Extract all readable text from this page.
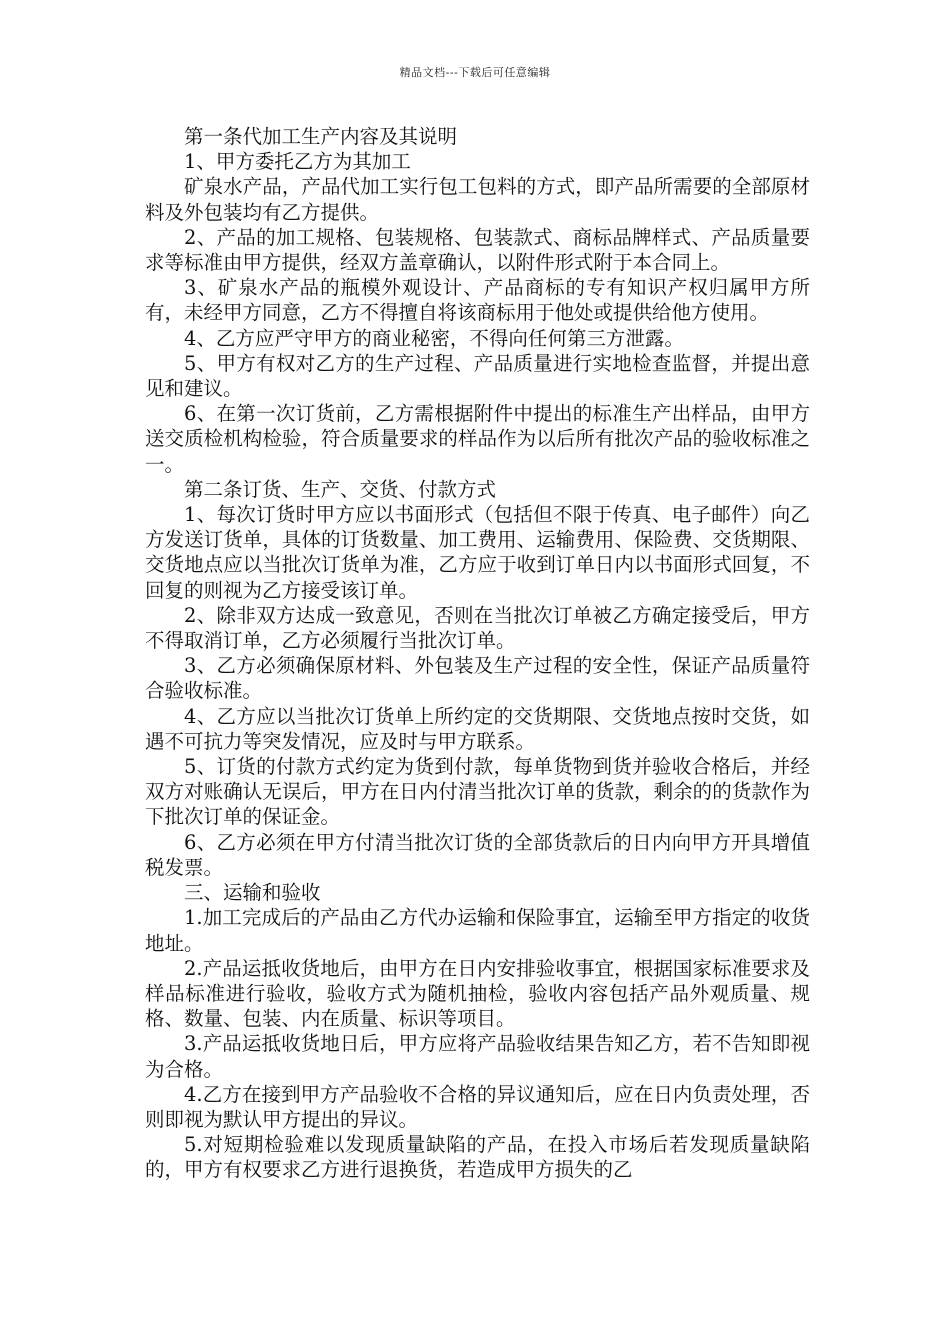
精品文档---下载后可任意编辑

第一条代加工生产内容及其说明

1、甲方委托乙方为其加工

矿泉水产品，产品代加工实行包工包料的方式，即产品所需要的全部原材料及外包装均有乙方提供。

2、产品的加工规格、包装规格、包装款式、商标品牌样式、产品质量要求等标准由甲方提供，经双方盖章确认，以附件形式附于本合同上。

3、矿泉水产品的瓶模外观设计、产品商标的专有知识产权归属甲方所有，未经甲方同意，乙方不得擅自将该商标用于他处或提供给他方使用。

4、乙方应严守甲方的商业秘密，不得向任何第三方泄露。

5、甲方有权对乙方的生产过程、产品质量进行实地检查监督，并提出意见和建议。

6、在第一次订货前，乙方需根据附件中提出的标准生产出样品，由甲方送交质检机构检验，符合质量要求的样品作为以后所有批次产品的验收标准之一。

第二条订货、生产、交货、付款方式

1、每次订货时甲方应以书面形式（包括但不限于传真、电子邮件）向乙方发送订货单，具体的订货数量、加工费用、运输费用、保险费、交货期限、交货地点应以当批次订货单为准，乙方应于收到订单日内以书面形式回复，不回复的则视为乙方接受该订单。

2、除非双方达成一致意见，否则在当批次订单被乙方确定接受后，甲方不得取消订单，乙方必须履行当批次订单。

3、乙方必须确保原材料、外包装及生产过程的安全性，保证产品质量符合验收标准。

4、乙方应以当批次订货单上所约定的交货期限、交货地点按时交货，如遇不可抗力等突发情况，应及时与甲方联系。

5、订货的付款方式约定为货到付款，每单货物到货并验收合格后，并经双方对账确认无误后，甲方在日内付清当批次订单的货款，剩余的的货款作为下批次订单的保证金。

6、乙方必须在甲方付清当批次订货的全部货款后的日内向甲方开具增值税发票。

三、运输和验收

1.加工完成后的产品由乙方代办运输和保险事宜，运输至甲方指定的收货地址。

2.产品运抵收货地后，由甲方在日内安排验收事宜，根据国家标准要求及样品标准进行验收，验收方式为随机抽检，验收内容包括产品外观质量、规格、数量、包装、内在质量、标识等项目。

3.产品运抵收货地日后，甲方应将产品验收结果告知乙方，若不告知即视为合格。

4.乙方在接到甲方产品验收不合格的异议通知后，应在日内负责处理，否则即视为默认甲方提出的异议。

5.对短期检验难以发现质量缺陷的产品，在投入市场后若发现质量缺陷的，甲方有权要求乙方进行退换货，若造成甲方损失的乙
